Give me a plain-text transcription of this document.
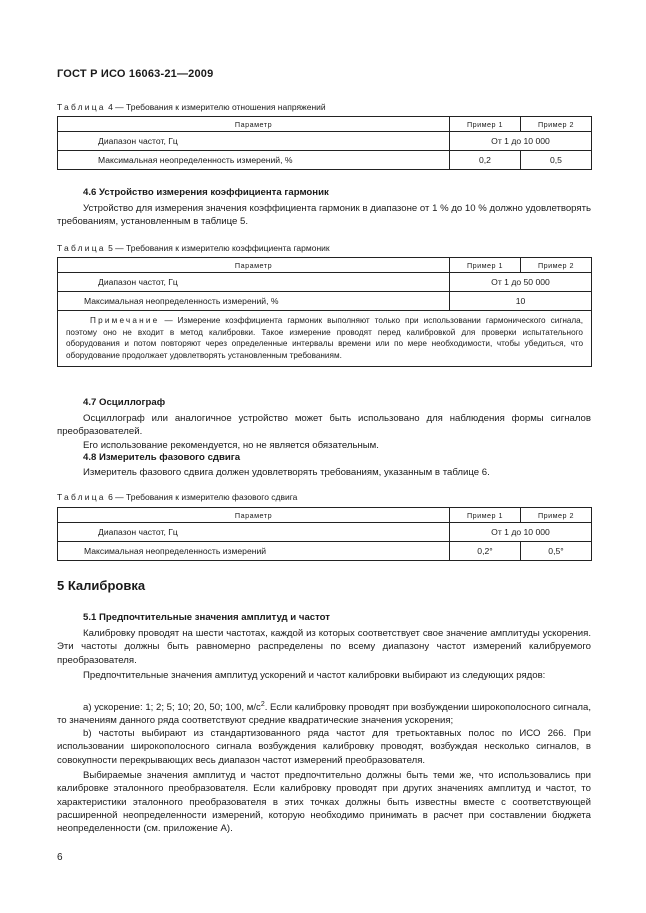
ГОСТ Р ИСО 16063-21—2009
Таблица 4 — Требования к измерителю отношения напряжений
Параметр	Пример 1	Пример 2
Диапазон частот, Гц	От 1 до 10 000	
Максимальная неопределенность измерений, %	0,2	0,5
4.6 Устройство измерения коэффициента гармоник
Устройство для измерения значения коэффициента гармоник в диапазоне от 1 % до 10 % должно удовлетворять требованиям, установленным в таблице 5.
Таблица 5 — Требования к измерителю коэффициента гармоник
Параметр	Пример 1	Пример 2
Диапазон частот, Гц	От 1 до 50 000	
Максимальная неопределенность измерений, %	10	
Примечание — Измерение коэффициента гармоник выполняют только при использовании гармонического сигнала, поэтому оно не входит в метод калибровки. Такое измерение проводят перед калибровкой для проверки испытательного оборудования и потом повторяют через определенные интервалы времени или по мере необходимости, чтобы убедиться, что оборудование продолжает удовлетворять установленным требованиям.		
4.7 Осциллограф
Осциллограф или аналогичное устройство может быть использовано для наблюдения формы сигналов преобразователей.
Его использование рекомендуется, но не является обязательным.
4.8 Измеритель фазового сдвига
Измеритель фазового сдвига должен удовлетворять требованиям, указанным в таблице 6.
Таблица 6 — Требования к измерителю фазового сдвига
Параметр	Пример 1	Пример 2
Диапазон частот, Гц	От 1 до 10 000	
Максимальная неопределенность измерений	0,2°	0,5°
5 Калибровка
5.1 Предпочтительные значения амплитуд и частот
Калибровку проводят на шести частотах, каждой из которых соответствует свое значение амплитуды ускорения. Эти частоты должны быть равномерно распределены по всему диапазону частот измерений калибруемого преобразователя.
Предпочтительные значения амплитуд ускорений и частот калибровки выбирают из следующих рядов:
а) ускорение: 1; 2; 5; 10; 20, 50; 100, $м/с^2$. Если калибровку проводят при возбуждении широкополосного сигнала, то значениям данного ряда соответствуют средние квадратические значения ускорения;
b) частоты выбирают из стандартизованного ряда частот для третьоктавных полос по ИСО 266. При использовании широкополосного сигнала возбуждения калибровку проводят, возбуждая несколько сигналов, в совокупности перекрывающих весь диапазон частот измерений преобразователя.
Выбираемые значения амплитуд и частот предпочтительно должны быть теми же, что использовались при калибровке эталонного преобразователя. Если калибровку проводят при других значениях амплитуд и частот, то характеристики эталонного преобразователя в этих точках должны быть известны вместе с соответствующей расширенной неопределенности измерений, которую необходимо принимать в расчет при составлении бюджета неопределенности (см. приложение А).
6
